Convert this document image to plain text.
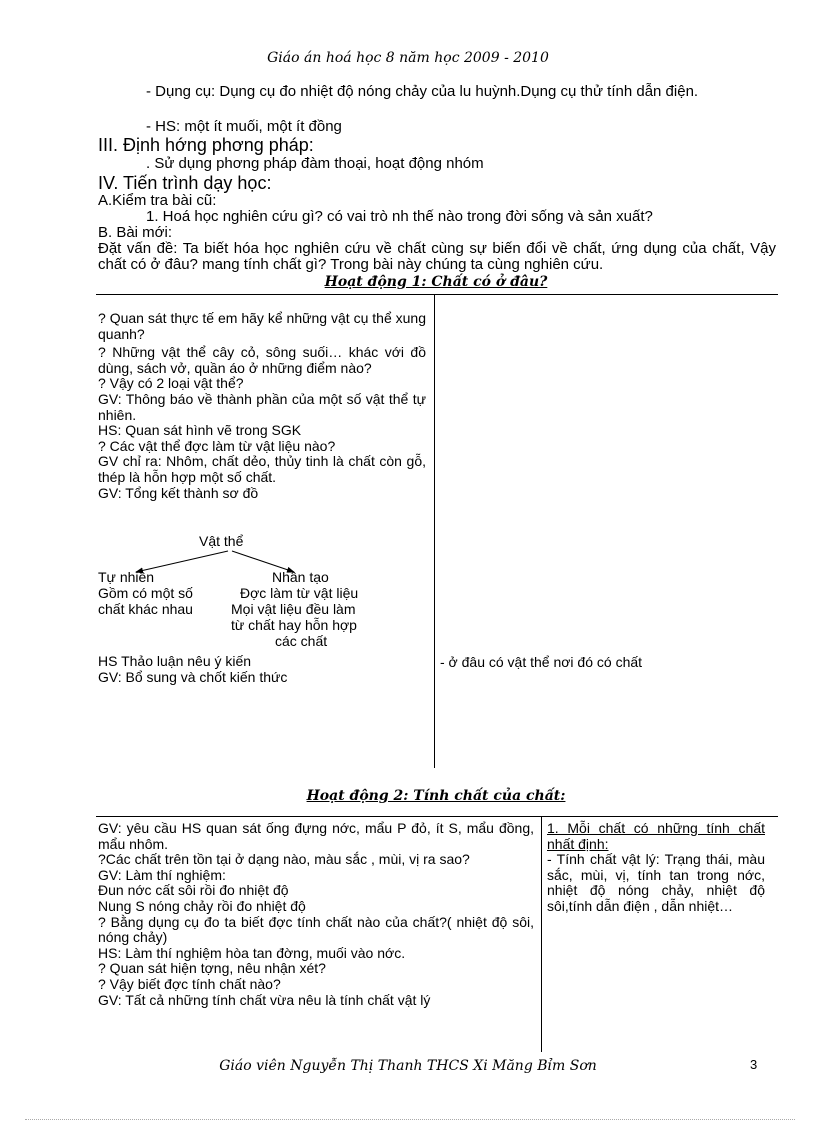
Giáo án hoá học 8 năm học 2009 - 2010
- Dụng cụ: Dụng cụ đo nhiệt độ nóng chảy của lu huỳnh.Dụng cụ thử tính dẫn điện.
- HS: một ít muối, một ít đồng
III. Định hớng phơng pháp:
. Sử dụng phơng pháp đàm thoại, hoạt động nhóm
IV. Tiến trình dạy học:
A.Kiểm tra bài cũ:
1. Hoá học nghiên cứu gì? có vai trò nh thế nào trong đời sống và sản xuất?
B. Bài mới:
Đặt vấn đề: Ta biết hóa học nghiên cứu về chất cùng sự biến đổi về chất, ứng dụng của chất, Vậy chất có ở đâu? mang tính chất gì? Trong bài này chúng ta cùng nghiên cứu.
Hoạt động 1: Chất có ở đâu?

? Quan sát thực tế em hãy kể những vật cụ thể xung quanh?

? Những vật thể cây cỏ, sông suối… khác với đồ dùng, sách vở, quần áo ở những điểm nào?

? Vậy có 2 loại vật thể?

GV: Thông báo về thành phần của một số vật thể tự nhiên.

HS: Quan sát hình vẽ trong SGK

? Các vật thể đợc làm từ vật liệu nào?

GV chỉ ra: Nhôm, chất dẻo, thủy tinh là chất còn gỗ, thép là hỗn hợp một số chất.

GV: Tổng kết thành sơ đồ

Vật thể
Tự nhiên
Gồm có một số
chất khác nhau
Nhân tạo
Đợc làm từ vật liệu
Mọi vật liệu đều làm
từ chất hay hỗn hợp
các chất
HS Thảo luận nêu ý kiến
GV: Bổ sung và chốt kiến thức
- ở đâu có vật thể nơi đó có chất
Hoạt động 2: Tính chất của chất:

GV: yêu cầu HS quan sát ống đựng nớc, mẩu P đỏ, ít S, mẩu đồng, mẩu nhôm.

?Các chất trên tồn tại ở dạng nào, màu sắc , mùi, vị ra sao?

GV: Làm thí nghiệm:

Đun nớc cất sôi rồi đo nhiệt độ

Nung S nóng chảy rồi đo nhiệt độ

? Bằng dụng cụ đo ta biết đợc tính chất nào của chất?( nhiệt độ sôi, nóng chảy)

HS: Làm thí nghiệm hòa tan đờng, muối vào nớc.

? Quan sát hiện tợng, nêu nhận xét?

? Vậy biết đợc tính chất nào?

GV: Tất cả những tính chất vừa nêu là tính chất vật lý

1. Mỗi chất có những tính chất nhất định:

- Tính chất vật lý: Trạng thái, màu sắc, mùi, vị, tính tan trong nớc, nhiệt độ nóng chảy, nhiệt độ sôi,tính dẫn điện , dẫn nhiệt…

Giáo viên Nguyễn Thị Thanh THCS Xi Măng Bỉm Sơn	3
